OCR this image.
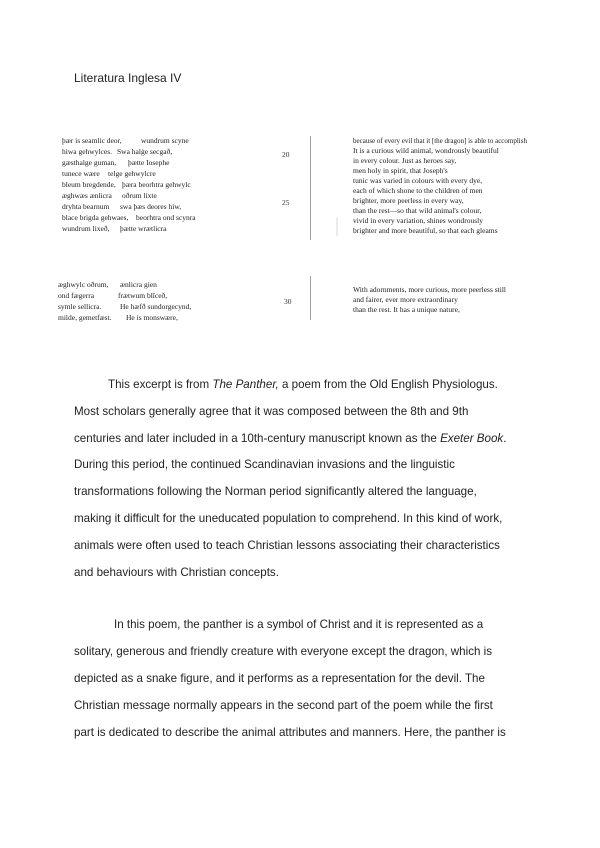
Literatura Inglesa IV
þær is seamlic deor,	wundrum scyne
hiwa gehwylces. Swa halġe secgað,
gæsthalge guman, þætte Iosephe
tunece wære telge gehwylcre
bleum bregdende, þæra beorhtra gehwylc
æghwæs ænlicra oðrum lixte
dryhta bearnum swa þæs deores hiw,
blace brigda gehwaes, beorhtra ond scynra
wundrum lixeð, þætte wrætlicra
20
25
because of every evil that it [the dragon] is able to accomplish
It is a curious wild animal, wondrously beautiful
in every colour. Just as heroes say,
men holy in spirit, that Joseph's
tunic was varied in colours with every dye,
each of which shone to the children of men
brighter, more peerless in every way,
than the rest—so that wild animal's colour,
vivid in every variation, shines wondrously
brighter and more beautiful, so that each gleams
æghwylc oðrum, ænlicra gien
ond fægerra	frætwum blîceð,
symle sellicra. He hæfð sundorgecynd,
milde, gemetfæst. He is monswære,
30
With adornments, more curious, more peerless still
and fairer, ever more extraordinary
than the rest. It has a unique nature,

This excerpt is from The Panther, a poem from the Old English Physiologus.
Most scholars generally agree that it was composed between the 8th and 9th
centuries and later included in a 10th-century manuscript known as the Exeter Book.
During this period, the continued Scandinavian invasions and the linguistic
transformations following the Norman period significantly altered the language,
making it difficult for the uneducated population to comprehend. In this kind of work,
animals were often used to teach Christian lessons associating their characteristics
and behaviours with Christian concepts.

In this poem, the panther is a symbol of Christ and it is represented as a
solitary, generous and friendly creature with everyone except the dragon, which is
depicted as a snake figure, and it performs as a representation for the devil. The
Christian message normally appears in the second part of the poem while the first
part is dedicated to describe the animal attributes and manners. Here, the panther is
